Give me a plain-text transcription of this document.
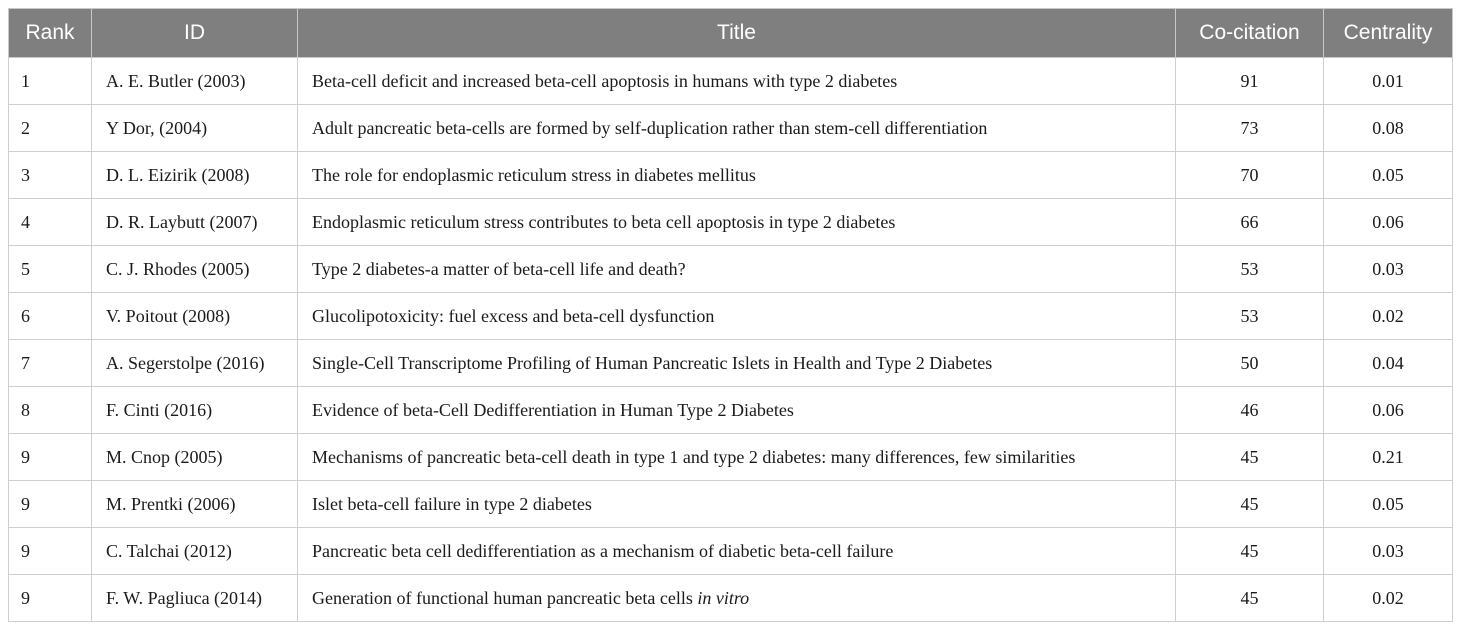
Rank	ID	Title	Co-citation	Centrality
1	A. E. Butler (2003)	Beta-cell deficit and increased beta-cell apoptosis in humans with type 2 diabetes	91	0.01
2	Y Dor, (2004)	Adult pancreatic beta-cells are formed by self-duplication rather than stem-cell differentiation	73	0.08
3	D. L. Eizirik (2008)	The role for endoplasmic reticulum stress in diabetes mellitus	70	0.05
4	D. R. Laybutt (2007)	Endoplasmic reticulum stress contributes to beta cell apoptosis in type 2 diabetes	66	0.06
5	C. J. Rhodes (2005)	Type 2 diabetes-a matter of beta-cell life and death?	53	0.03
6	V. Poitout (2008)	Glucolipotoxicity: fuel excess and beta-cell dysfunction	53	0.02
7	A. Segerstolpe (2016)	Single-Cell Transcriptome Profiling of Human Pancreatic Islets in Health and Type 2 Diabetes	50	0.04
8	F. Cinti (2016)	Evidence of beta-Cell Dedifferentiation in Human Type 2 Diabetes	46	0.06
9	M. Cnop (2005)	Mechanisms of pancreatic beta-cell death in type 1 and type 2 diabetes: many differences, few similarities	45	0.21
9	M. Prentki (2006)	Islet beta-cell failure in type 2 diabetes	45	0.05
9	C. Talchai (2012)	Pancreatic beta cell dedifferentiation as a mechanism of diabetic beta-cell failure	45	0.03
9	F. W. Pagliuca (2014)	Generation of functional human pancreatic beta cells in vitro	45	0.02
